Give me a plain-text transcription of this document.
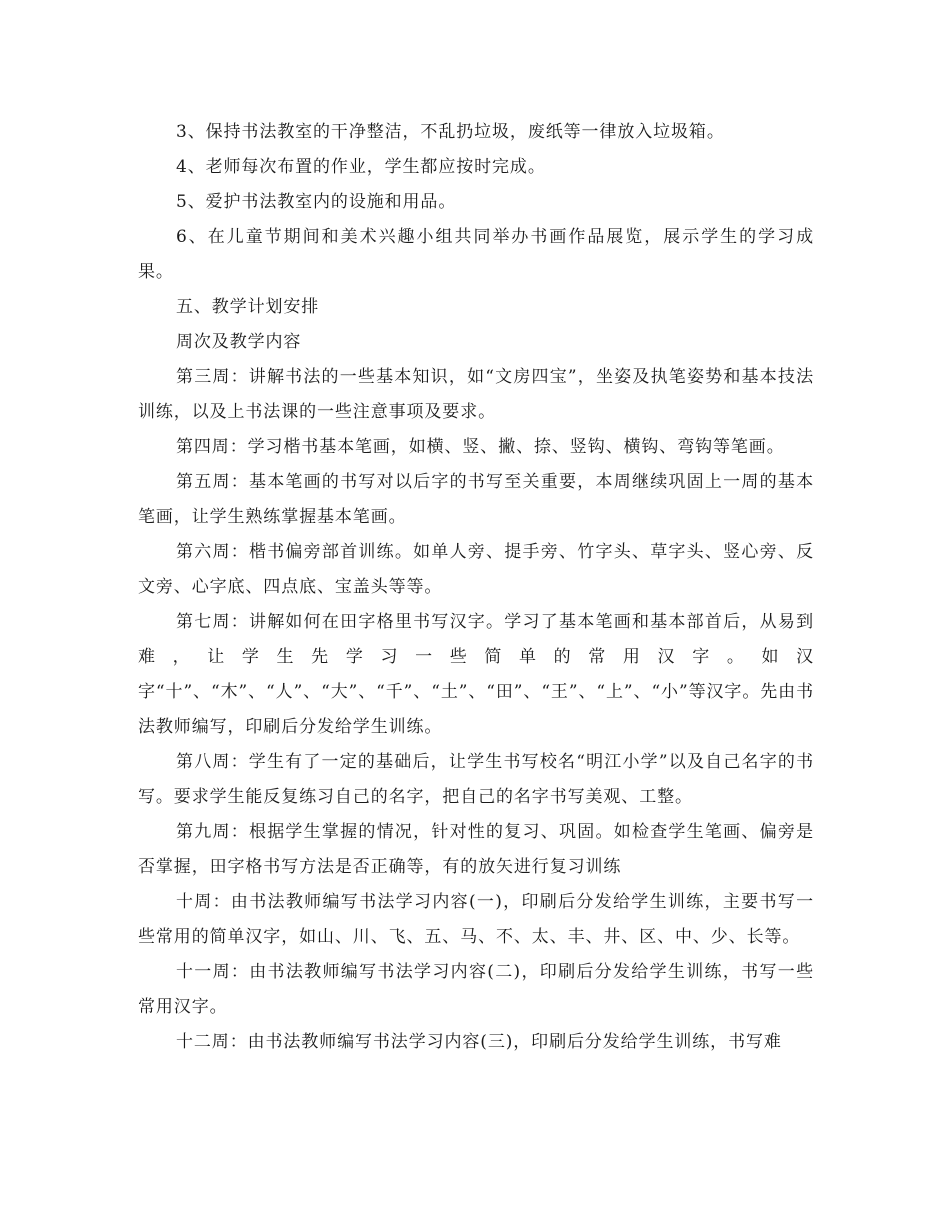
3、保持书法教室的干净整洁，不乱扔垃圾，废纸等一律放入垃圾箱。

4、老师每次布置的作业，学生都应按时完成。

5、爱护书法教室内的设施和用品。

6、在儿童节期间和美术兴趣小组共同举办书画作品展览，展示学生的学习成果。

五、教学计划安排

周次及教学内容

第三周：讲解书法的一些基本知识，如“文房四宝”，坐姿及执笔姿势和基本技法训练，以及上书法课的一些注意事项及要求。

第四周：学习楷书基本笔画，如横、竖、撇、捺、竖钩、横钩、弯钩等笔画。

第五周：基本笔画的书写对以后字的书写至关重要，本周继续巩固上一周的基本笔画，让学生熟练掌握基本笔画。

第六周：楷书偏旁部首训练。如单人旁、提手旁、竹字头、草字头、竖心旁、反文旁、心字底、四点底、宝盖头等等。

第七周：讲解如何在田字格里书写汉字。学习了基本笔画和基本部首后，从易到难，让学生先学习一些简单的常用汉字。如汉字“十”、“木”、“人”、“大”、“千”、“土”、“田”、“王”、“上”、“小”等汉字。先由书法教师编写，印刷后分发给学生训练。

第八周：学生有了一定的基础后，让学生书写校名“明江小学”以及自己名字的书写。要求学生能反复练习自己的名字，把自己的名字书写美观、工整。

第九周：根据学生掌握的情况，针对性的复习、巩固。如检查学生笔画、偏旁是否掌握，田字格书写方法是否正确等，有的放矢进行复习训练

十周：由书法教师编写书法学习内容(一)，印刷后分发给学生训练，主要书写一些常用的简单汉字，如山、川、飞、五、马、不、太、丰、井、区、中、少、长等。

十一周：由书法教师编写书法学习内容(二)，印刷后分发给学生训练，书写一些常用汉字。

十二周：由书法教师编写书法学习内容(三)，印刷后分发给学生训练，书写难
